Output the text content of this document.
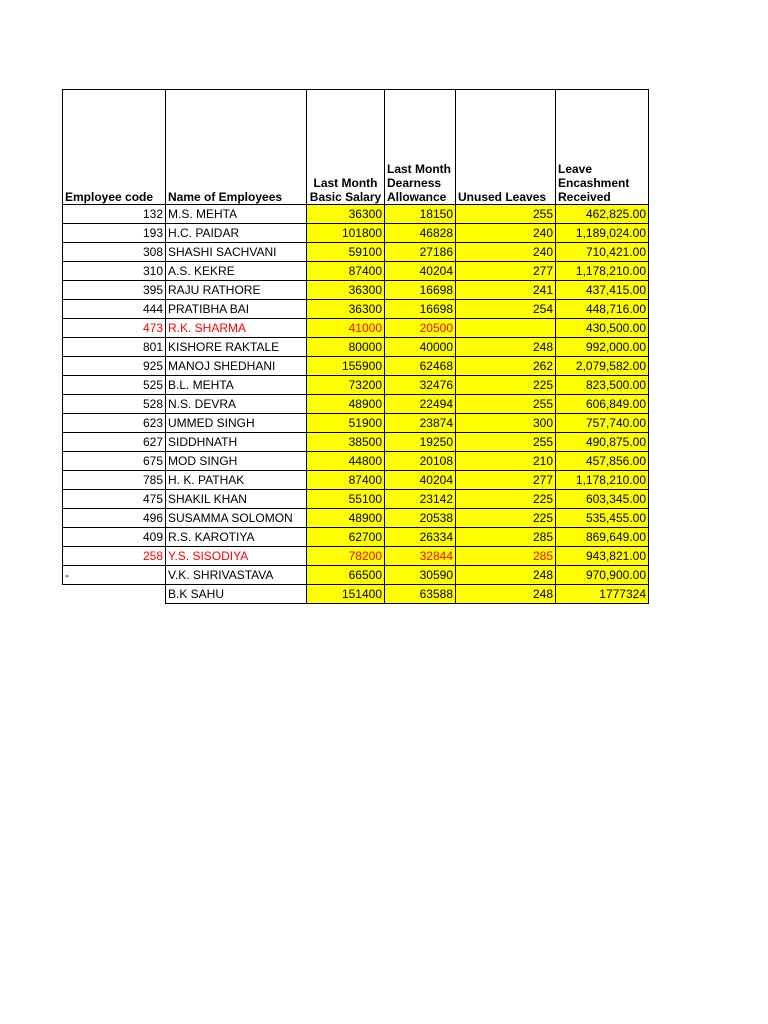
Employee code	Name of Employees	Last Month Basic Salary	Last Month Dearness Allowance	Unused Leaves	Leave Encashment Received
132	M.S. MEHTA	36300	18150	255	462,825.00
193	H.C. PAIDAR	101800	46828	240	1,189,024.00
308	SHASHI SACHVANI	59100	27186	240	710,421.00
310	A.S. KEKRE	87400	40204	277	1,178,210.00
395	RAJU RATHORE	36300	16698	241	437,415.00
444	PRATIBHA BAI	36300	16698	254	448,716.00
473	R.K. SHARMA	41000	20500		430,500.00
801	KISHORE RAKTALE	80000	40000	248	992,000.00
925	MANOJ SHEDHANI	155900	62468	262	2,079,582.00
525	B.L. MEHTA	73200	32476	225	823,500.00
528	N.S. DEVRA	48900	22494	255	606,849.00
623	UMMED SINGH	51900	23874	300	757,740.00
627	SIDDHNATH	38500	19250	255	490,875.00
675	MOD SINGH	44800	20108	210	457,856.00
785	H. K. PATHAK	87400	40204	277	1,178,210.00
475	SHAKIL KHAN	55100	23142	225	603,345.00
496	SUSAMMA SOLOMON	48900	20538	225	535,455.00
409	R.S. KAROTIYA	62700	26334	285	869,649.00
258	Y.S. SISODIYA	78200	32844	285	943,821.00
-	V.K. SHRIVASTAVA	66500	30590	248	970,900.00
	B.K SAHU	151400	63588	248	1777324
